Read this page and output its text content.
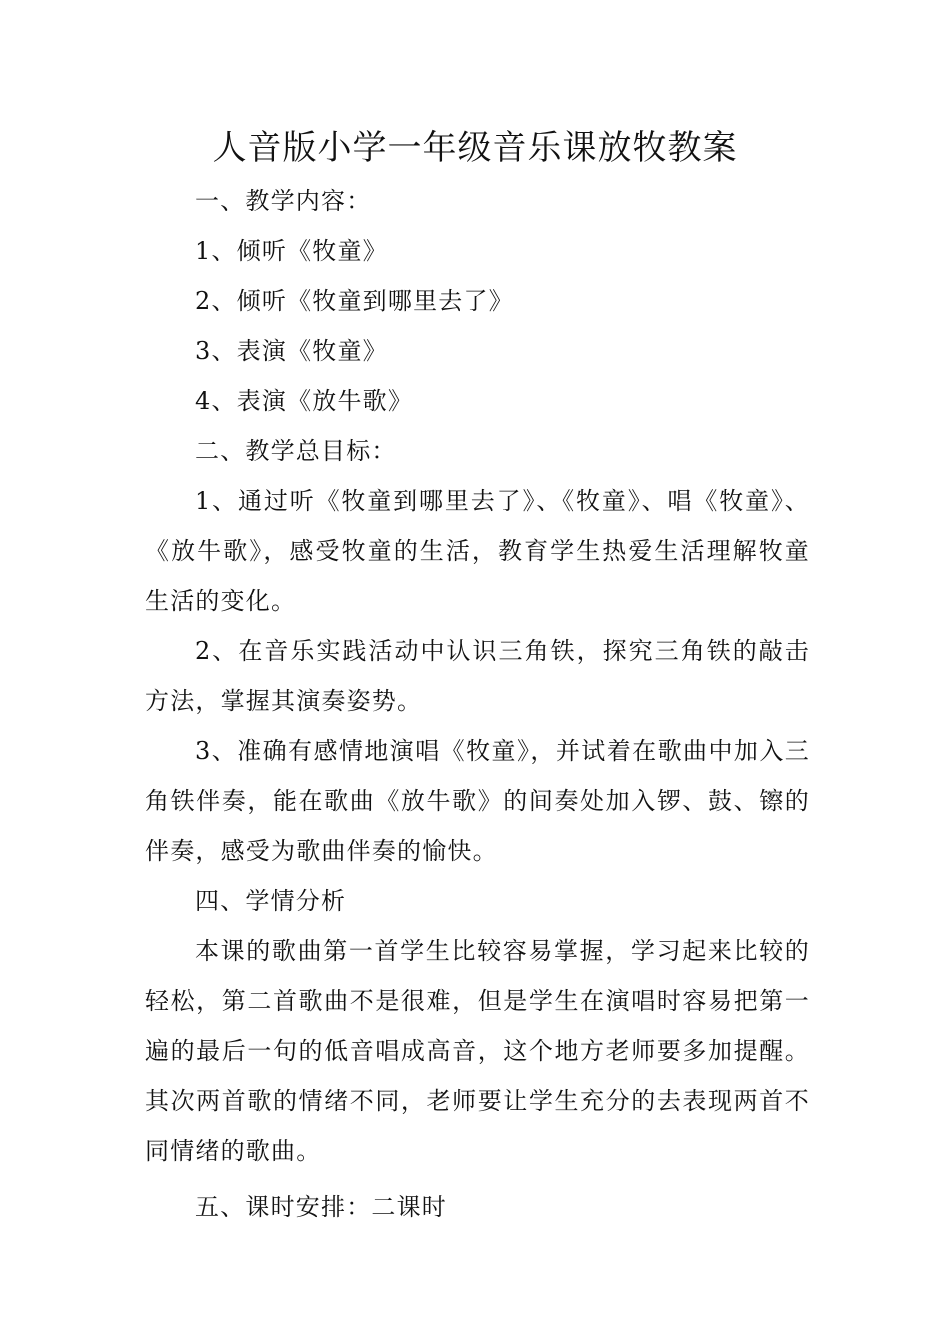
人音版小学一年级音乐课放牧教案

一、教学内容：

1、倾听《牧童》

2、倾听《牧童到哪里去了》

3、表演《牧童》

4、表演《放牛歌》

二、教学总目标：

1、通过听《牧童到哪里去了》、《牧童》、唱《牧童》、《放牛歌》，感受牧童的生活，教育学生热爱生活理解牧童生活的变化。

2、在音乐实践活动中认识三角铁，探究三角铁的敲击方法，掌握其演奏姿势。

3、准确有感情地演唱《牧童》，并试着在歌曲中加入三角铁伴奏，能在歌曲《放牛歌》的间奏处加入锣、鼓、镲的伴奏，感受为歌曲伴奏的愉快。

四、学情分析

本课的歌曲第一首学生比较容易掌握，学习起来比较的轻松，第二首歌曲不是很难，但是学生在演唱时容易把第一遍的最后一句的低音唱成高音，这个地方老师要多加提醒。其次两首歌的情绪不同，老师要让学生充分的去表现两首不同情绪的歌曲。

五、课时安排：二课时
